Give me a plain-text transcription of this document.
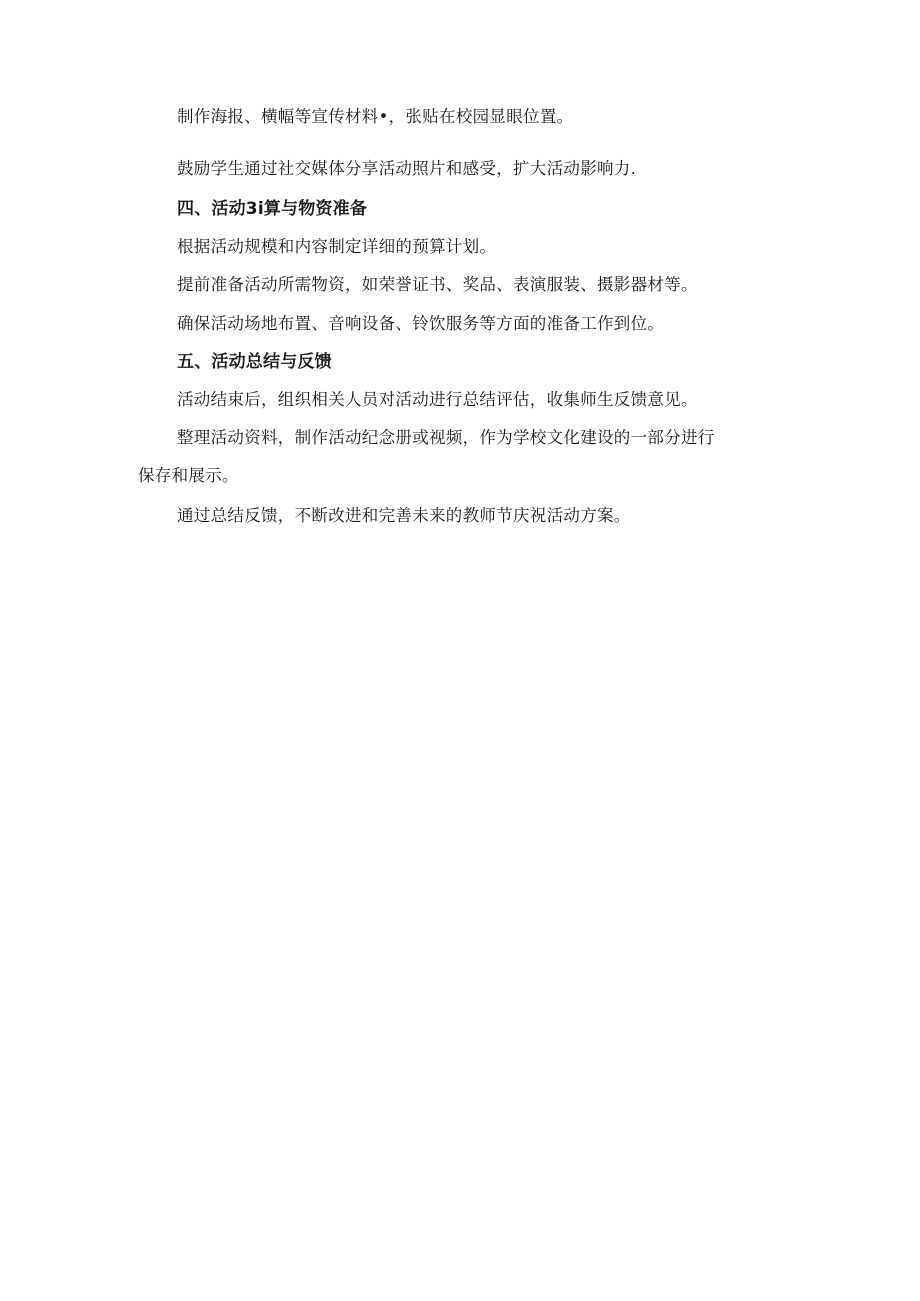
制作海报、横幅等宣传材料•，张贴在校园显眼位置。
鼓励学生通过社交媒体分享活动照片和感受，扩大活动影响力.
四、活动3i算与物资准备
根据活动规模和内容制定详细的预算计划。
提前准备活动所需物资，如荣誉证书、奖品、表演服装、摄影器材等。
确保活动场地布置、音响设备、铃饮服务等方面的准备工作到位。
五、活动总结与反馈
活动结束后，组织相关人员对活动进行总结评估，收集师生反馈意见。
整理活动资料，制作活动纪念册或视频，作为学校文化建设的一部分进行
保存和展示。
通过总结反馈，不断改进和完善未来的教师节庆祝活动方案。
